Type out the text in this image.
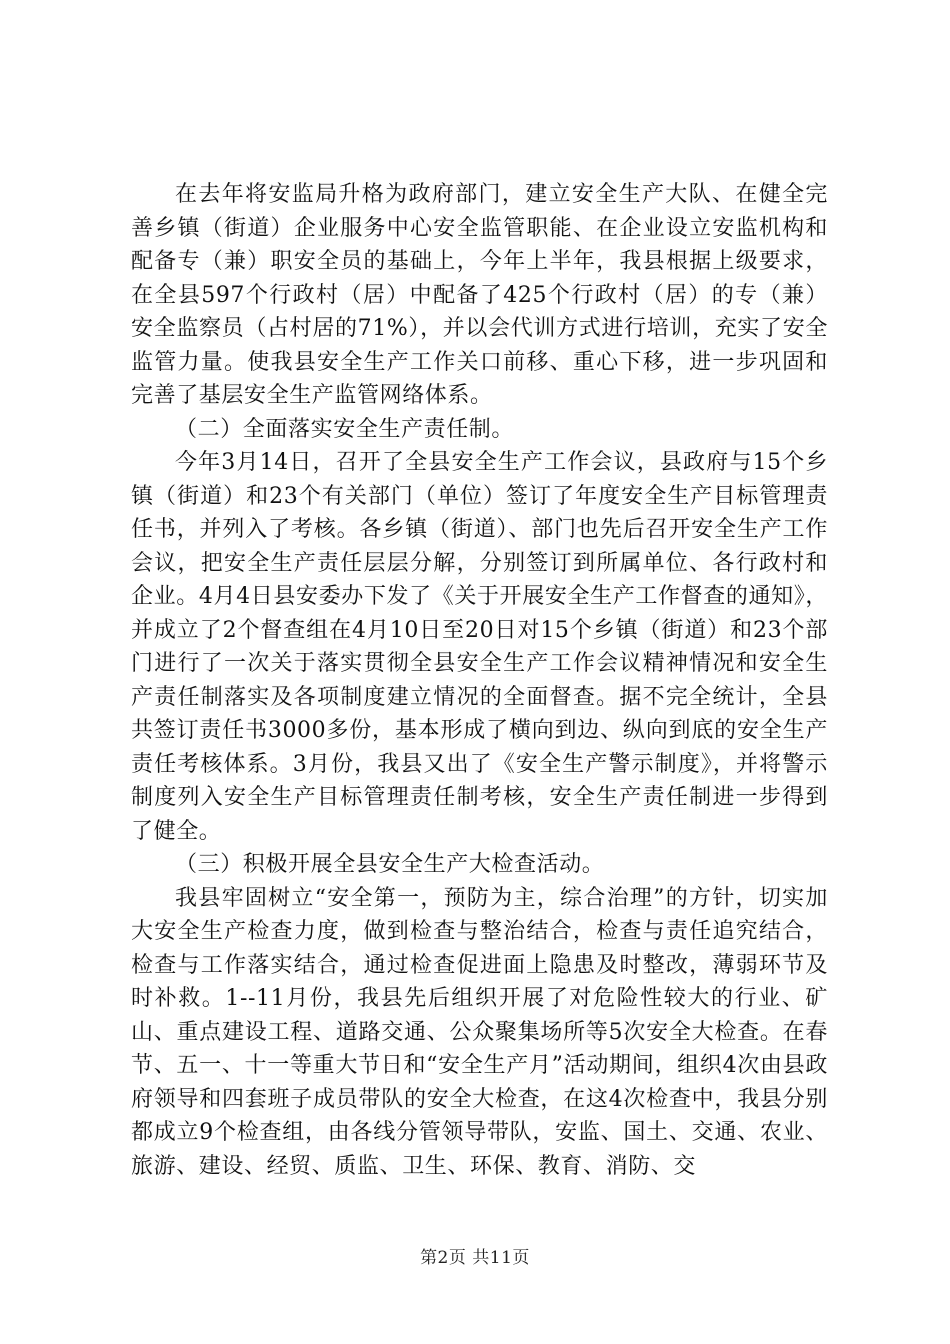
在去年将安监局升格为政府部门，建立安全生产大队、在健全完善乡镇（街道）企业服务中心安全监管职能、在企业设立安监机构和配备专（兼）职安全员的基础上，今年上半年，我县根据上级要求，在全县597个行政村（居）中配备了425个行政村（居）的专（兼）安全监察员（占村居的71%），并以会代训方式进行培训，充实了安全监管力量。使我县安全生产工作关口前移、重心下移，进一步巩固和完善了基层安全生产监管网络体系。

（二）全面落实安全生产责任制。

今年3月14日，召开了全县安全生产工作会议，县政府与15个乡镇（街道）和23个有关部门（单位）签订了年度安全生产目标管理责任书，并列入了考核。各乡镇（街道）、部门也先后召开安全生产工作会议，把安全生产责任层层分解，分别签订到所属单位、各行政村和企业。4月4日县安委办下发了《关于开展安全生产工作督查的通知》，并成立了2个督查组在4月10日至20日对15个乡镇（街道）和23个部门进行了一次关于落实贯彻全县安全生产工作会议精神情况和安全生产责任制落实及各项制度建立情况的全面督查。据不完全统计，全县共签订责任书3000多份，基本形成了横向到边、纵向到底的安全生产责任考核体系。3月份，我县又出了《安全生产警示制度》，并将警示制度列入安全生产目标管理责任制考核，安全生产责任制进一步得到了健全。

（三）积极开展全县安全生产大检查活动。

我县牢固树立“安全第一，预防为主，综合治理”的方针，切实加大安全生产检查力度，做到检查与整治结合，检查与责任追究结合，检查与工作落实结合，通过检查促进面上隐患及时整改，薄弱环节及时补救。1--11月份，我县先后组织开展了对危险性较大的行业、矿山、重点建设工程、道路交通、公众聚集场所等5次安全大检查。在春节、五一、十一等重大节日和“安全生产月”活动期间，组织4次由县政府领导和四套班子成员带队的安全大检查，在这4次检查中，我县分别都成立9个检查组，由各线分管领导带队，安监、国土、交通、农业、旅游、建设、经贸、质监、卫生、环保、教育、消防、交

第2页 共11页
